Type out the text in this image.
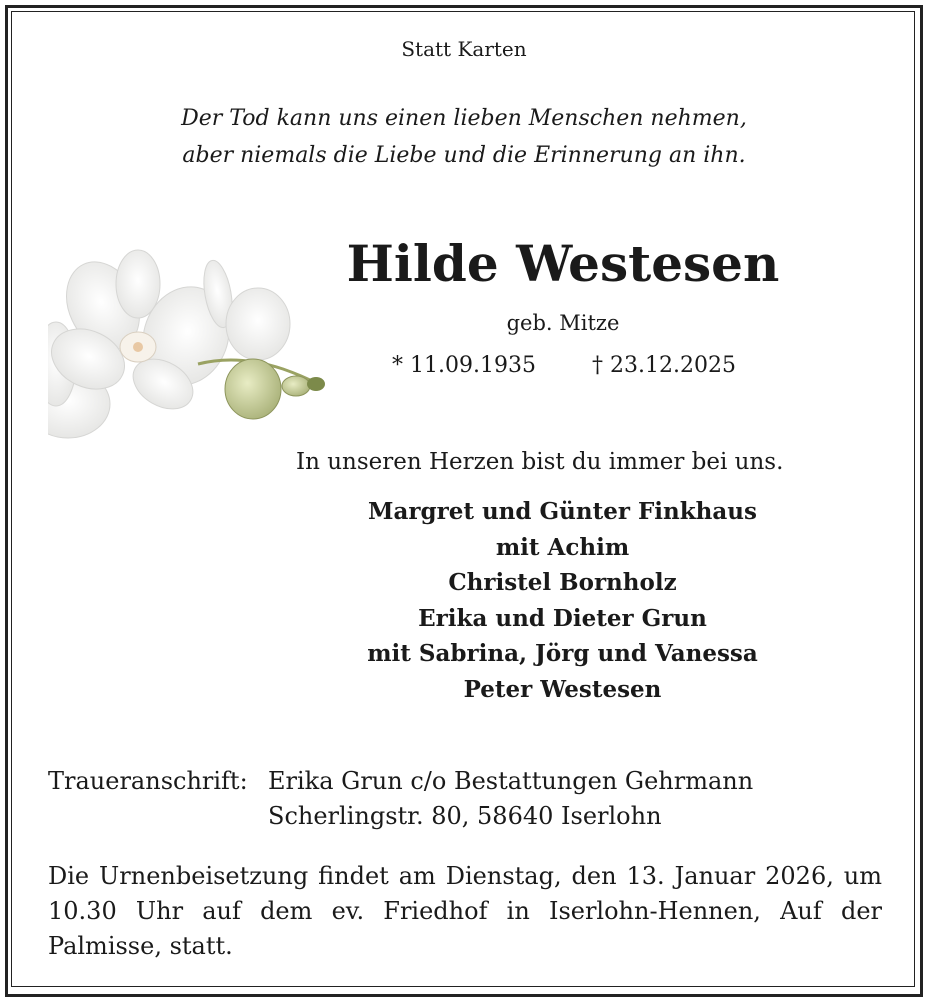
Statt Karten
Der Tod kann uns einen lieben Menschen nehmen,
aber niemals die Liebe und die Erinnerung an ihn.
Hilde Westesen
geb. Mitze
* 11.09.1935	† 23.12.2025
In unseren Herzen bist du immer bei uns.
Margret und Günter Finkhaus
mit Achim
Christel Bornholz
Erika und Dieter Grun
mit Sabrina, Jörg und Vanessa
Peter Westesen
Traueranschrift: Erika Grun c/o Bestattungen Gehrmann
Scherlingstr. 80, 58640 Iserlohn
Die Urnenbeisetzung findet am Dienstag, den 13. Januar 2026, um 10.30 Uhr auf dem ev. Friedhof in Iserlohn-Hennen, Auf der Palmisse, statt.
